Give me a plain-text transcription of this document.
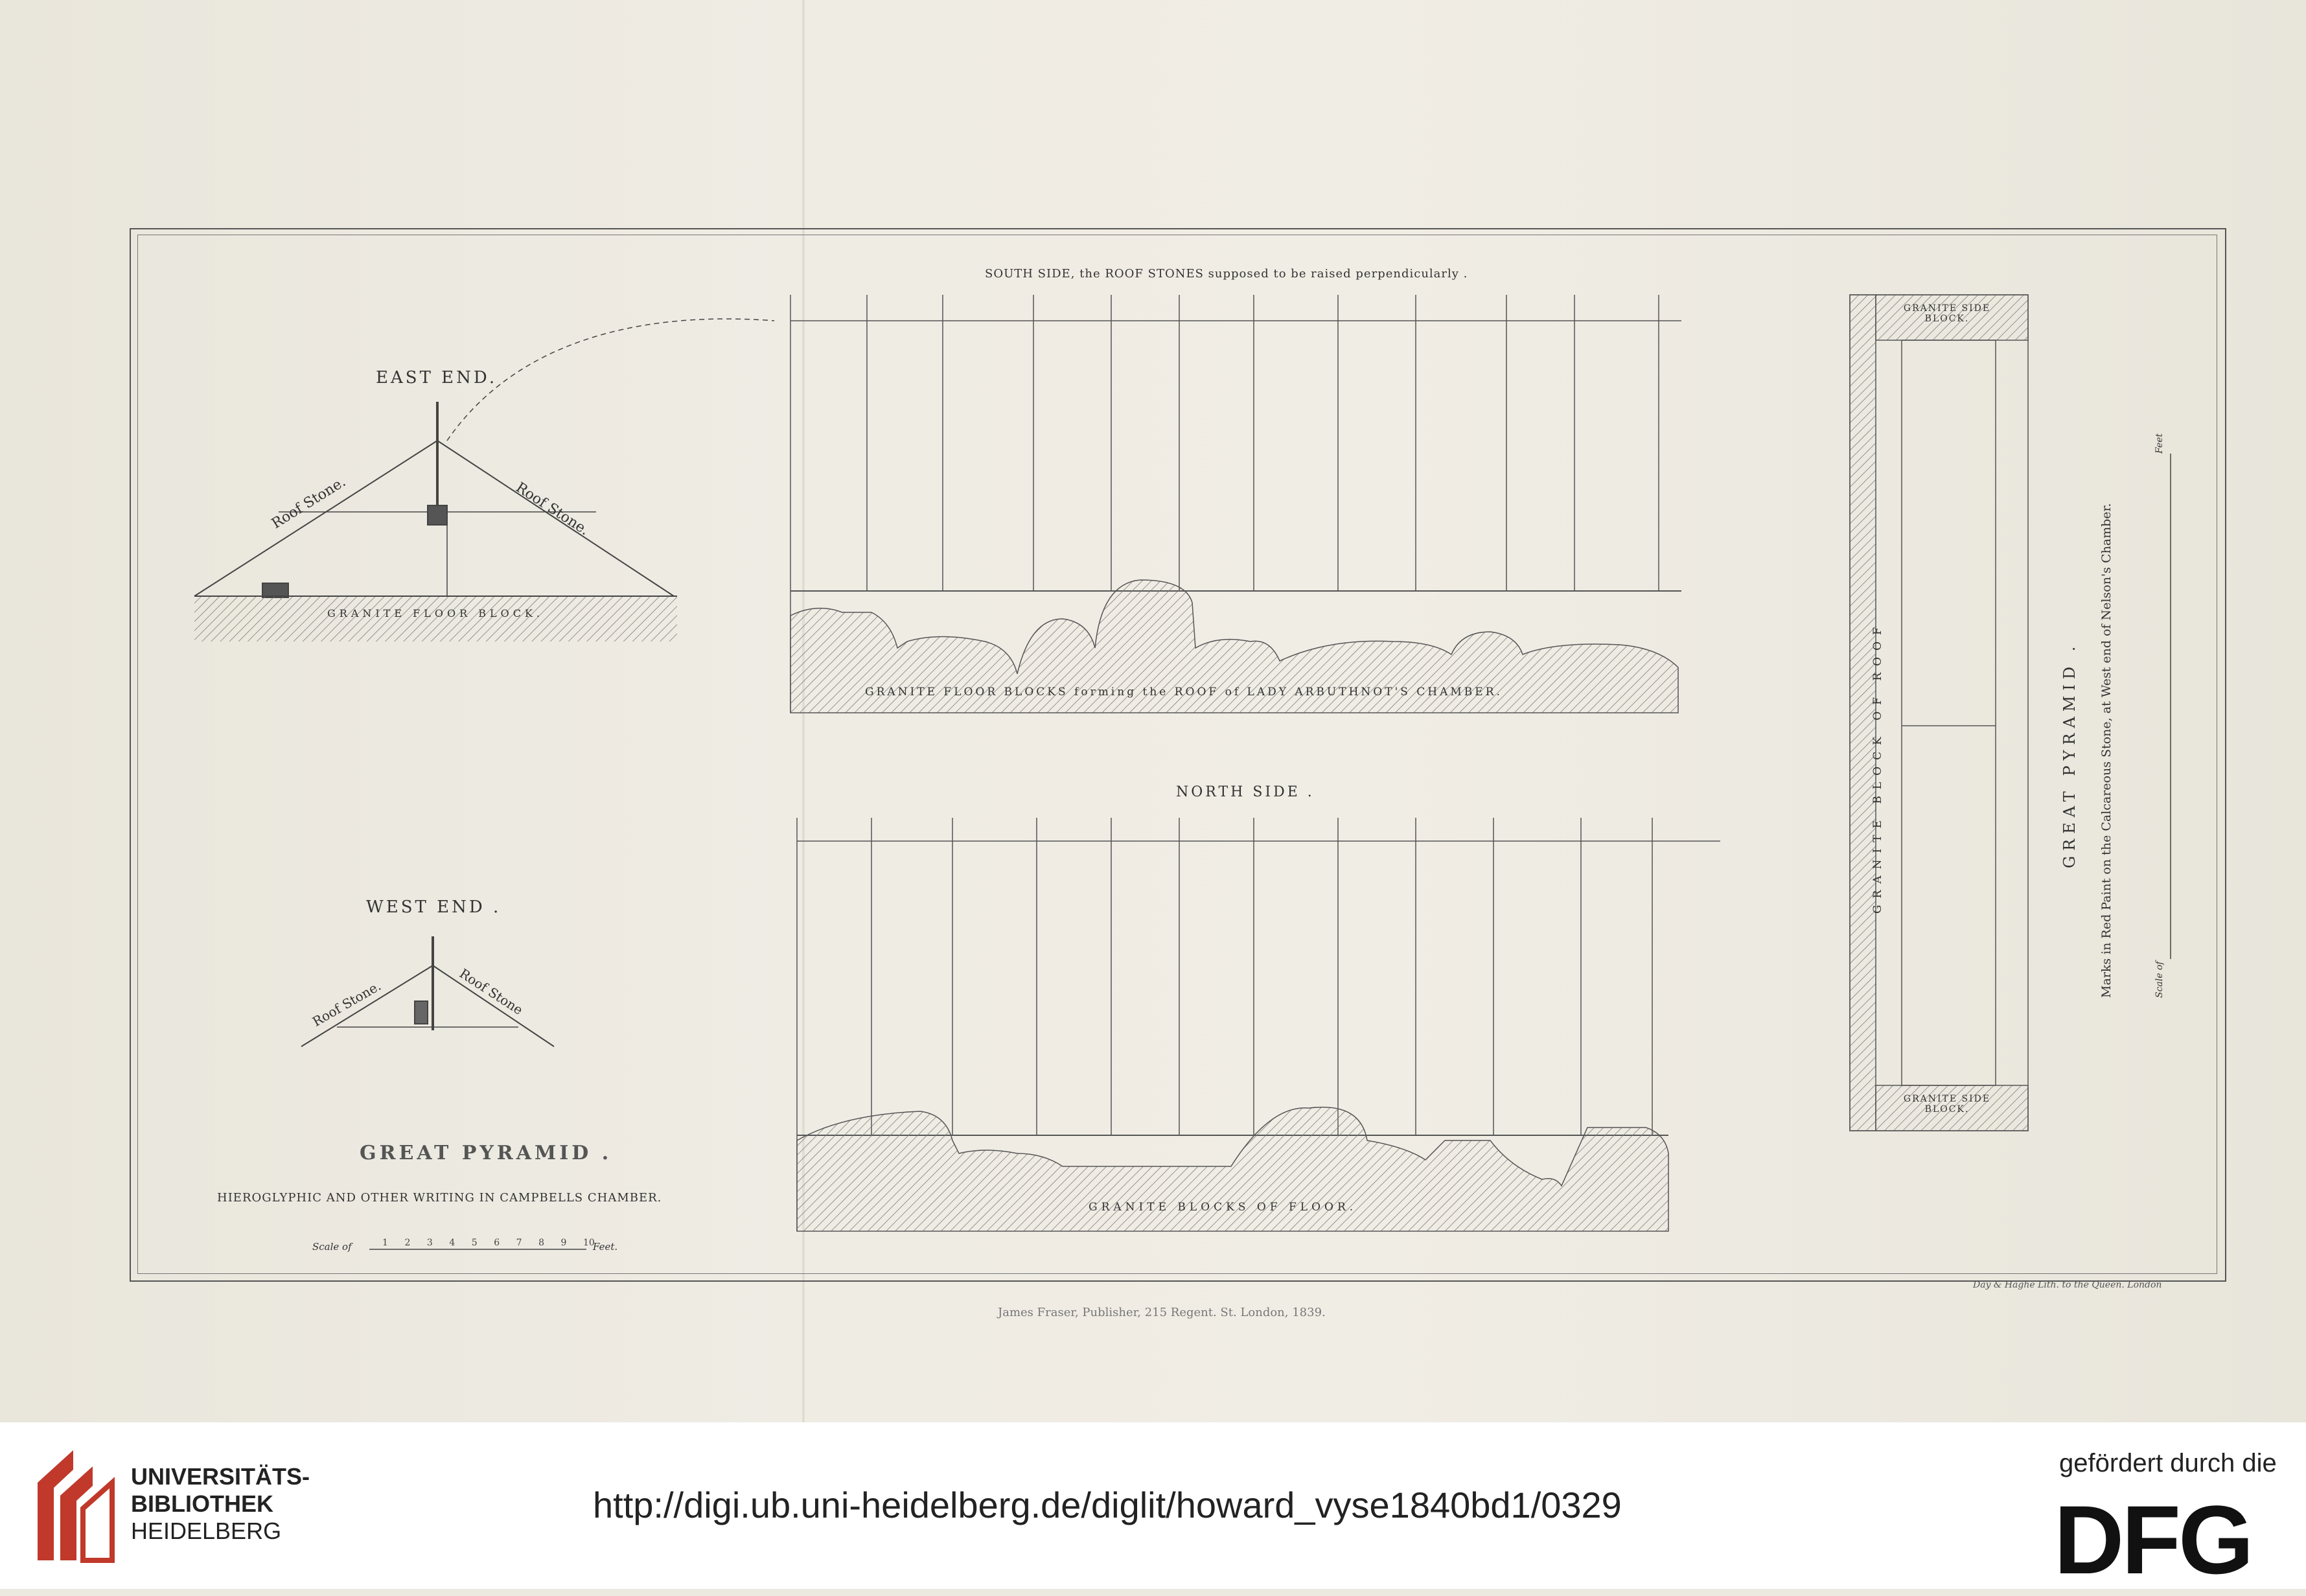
1 2 3 4 5 6 7 8 9 10
EAST END.
Roof Stone.	Roof Stone.
GRANITE FLOOR BLOCK.
WEST END .
Roof Stone.	Roof Stone
SOUTH SIDE, the ROOF STONES supposed to be raised perpendicularly .
GRANITE FLOOR BLOCKS forming the ROOF of LADY ARBUTHNOT'S CHAMBER.
NORTH SIDE .
GRANITE BLOCKS OF FLOOR.
GREAT PYRAMID .
HIEROGLYPHIC AND OTHER WRITING IN CAMPBELLS CHAMBER.
Scale of	Feet.
GRANITE SIDE BLOCK.
GRANITE SIDE BLOCK.
GRANITE BLOCK OF ROOF	GREAT PYRAMID . Marks in Red Paint on the Calcareous Stone, at West end of Nelson's Chamber.	Scale of
Feet
James Fraser, Publisher, 215 Regent. St. London, 1839.
Day & Haghe Lith. to the Queen. London
UNIVERSITÄTS-
BIBLIOTHEK
HEIDELBERG
http://digi.ub.uni-heidelberg.de/diglit/howard_vyse1840bd1/0329
gefördert durch die
DFG
